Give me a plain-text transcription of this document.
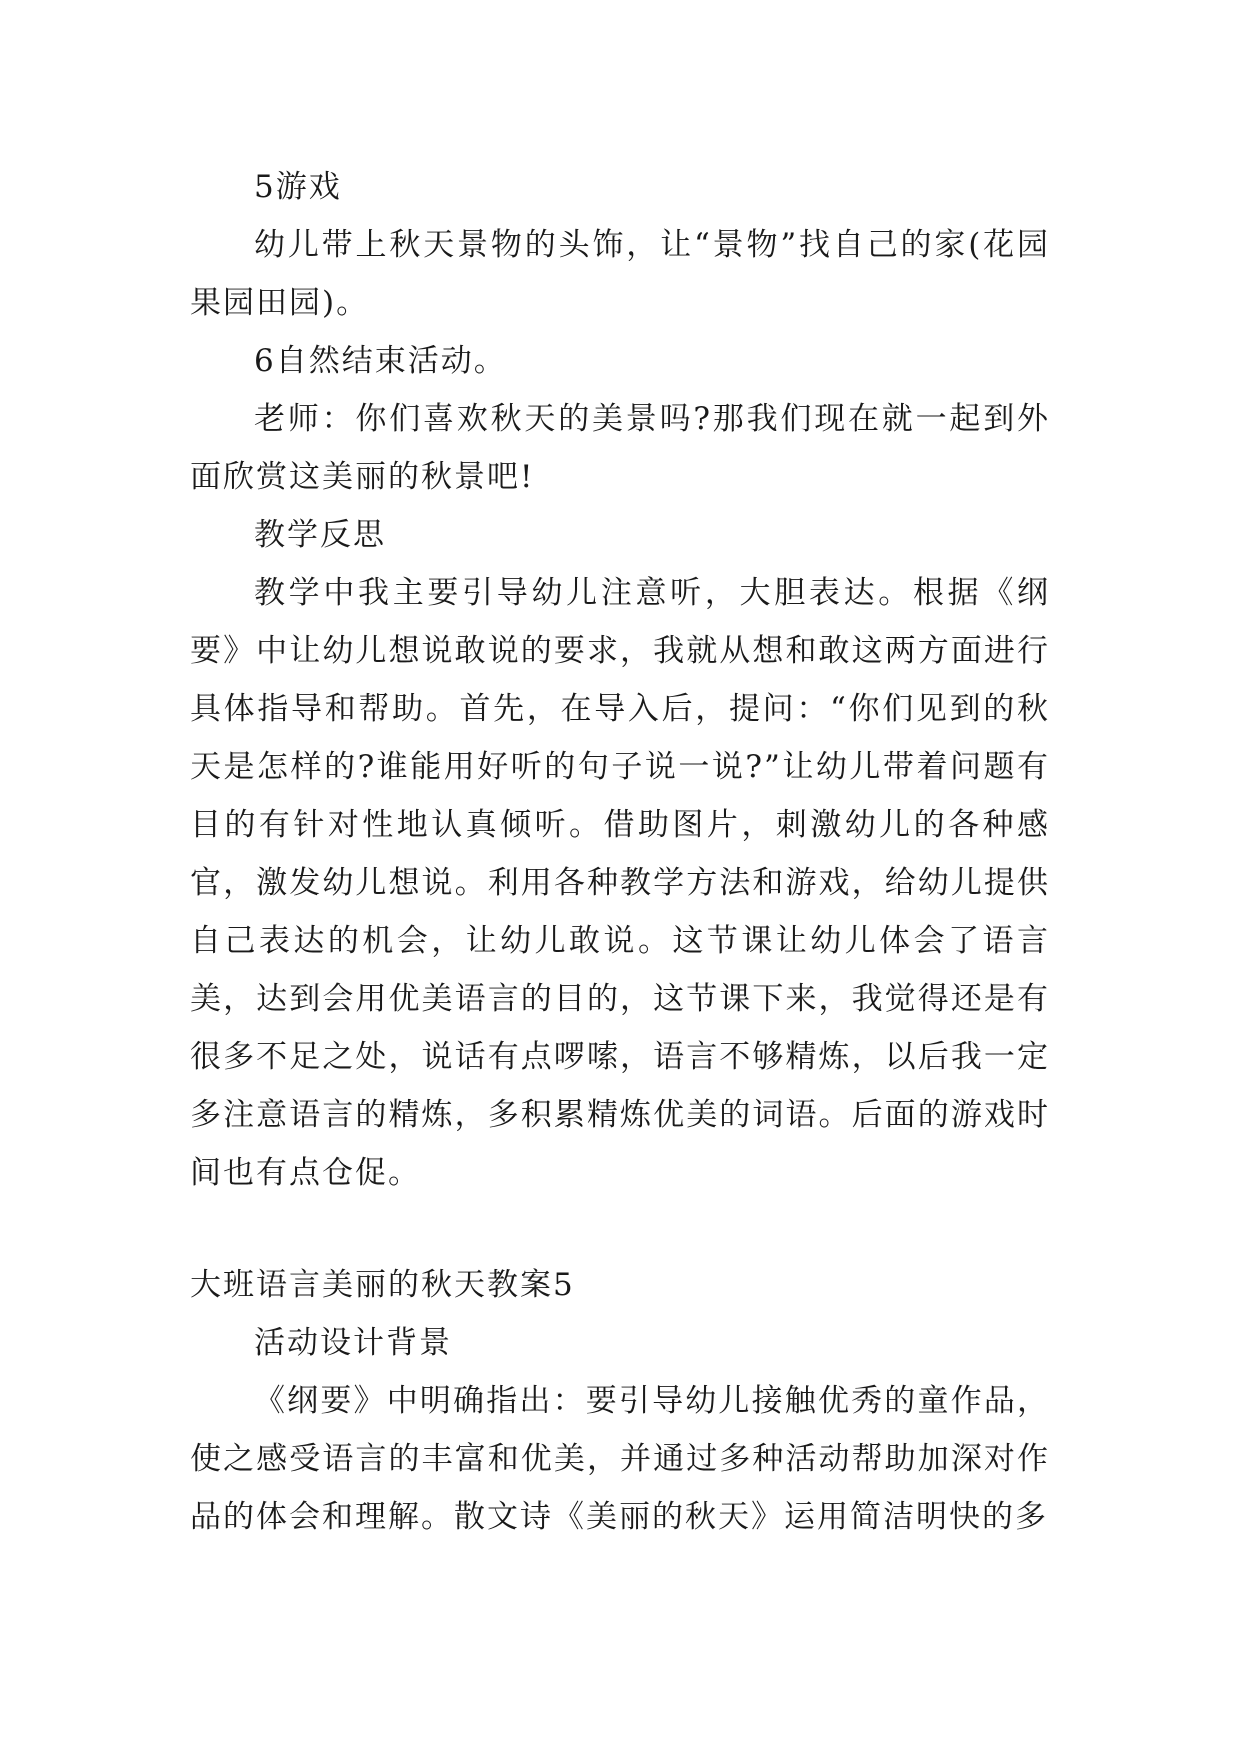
5游戏

幼儿带上秋天景物的头饰，让“景物”找自己的家(花园果园田园)。

6自然结束活动。

老师：你们喜欢秋天的美景吗?那我们现在就一起到外面欣赏这美丽的秋景吧!

教学反思

教学中我主要引导幼儿注意听，大胆表达。根据《纲要》中让幼儿想说敢说的要求，我就从想和敢这两方面进行具体指导和帮助。首先，在导入后，提问：“你们见到的秋天是怎样的?谁能用好听的句子说一说?”让幼儿带着问题有目的有针对性地认真倾听。借助图片，刺激幼儿的各种感官，激发幼儿想说。利用各种教学方法和游戏，给幼儿提供自己表达的机会，让幼儿敢说。这节课让幼儿体会了语言美，达到会用优美语言的目的，这节课下来，我觉得还是有很多不足之处，说话有点啰嗦，语言不够精炼，以后我一定多注意语言的精炼，多积累精炼优美的词语。后面的游戏时间也有点仓促。

大班语言美丽的秋天教案5

活动设计背景

《纲要》中明确指出：要引导幼儿接触优秀的童作品，使之感受语言的丰富和优美，并通过多种活动帮助加深对作品的体会和理解。散文诗《美丽的秋天》运用简洁明快的多
